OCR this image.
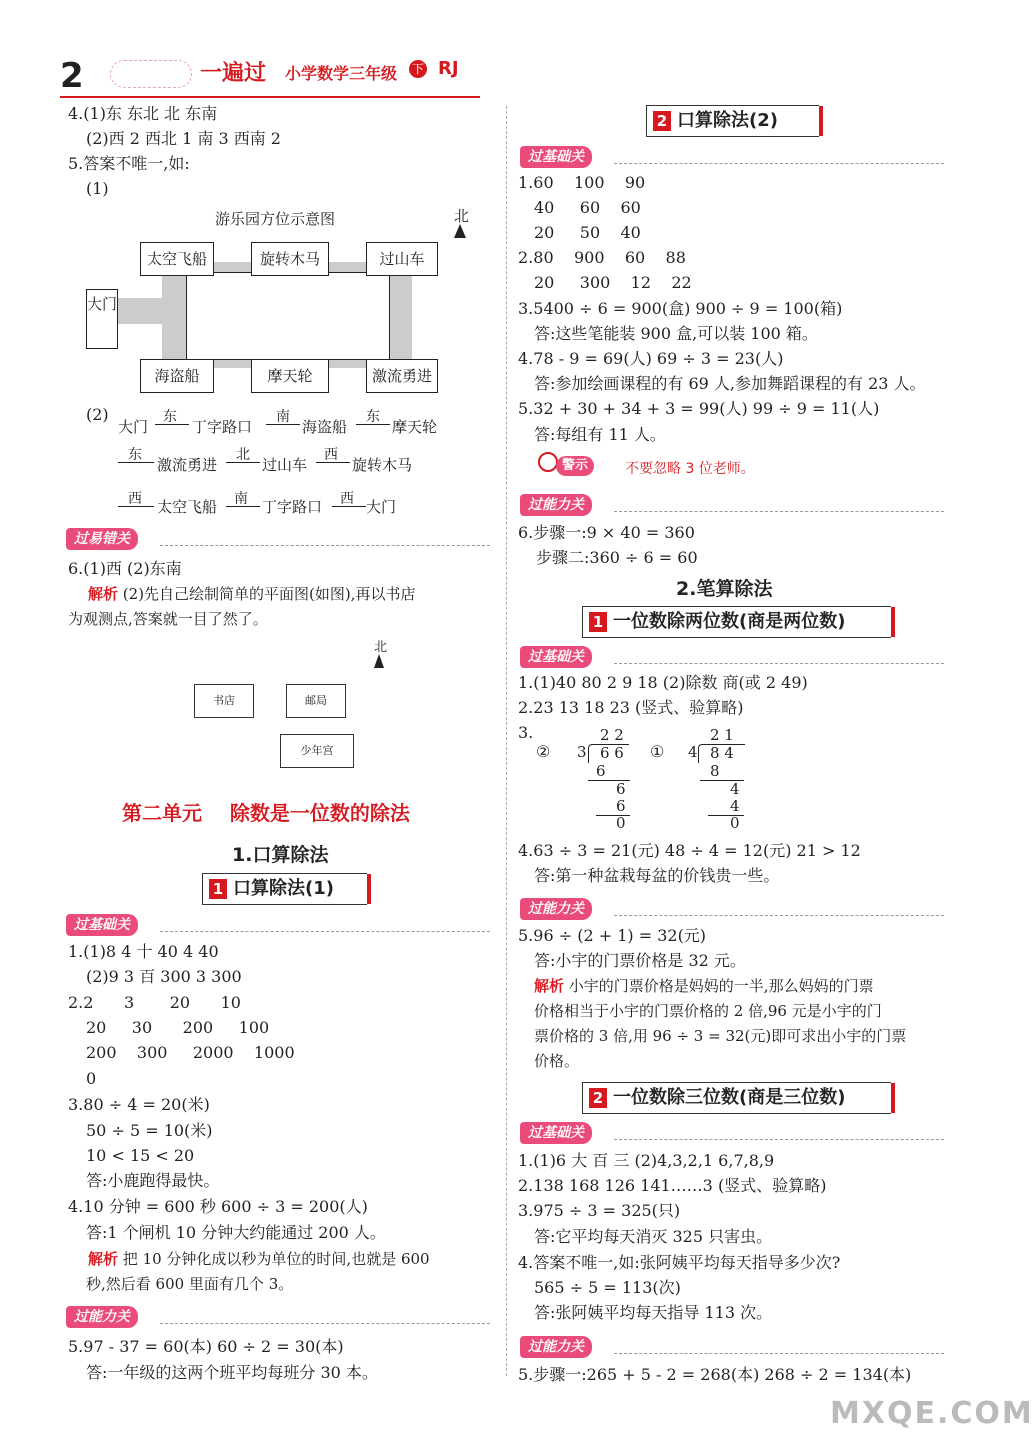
2	一遍过 小学数学三年级 下 RJ
4.(1)东 东北 北 东南
(2)西 2 西北 1 南 3 西南 2
5.答案不唯一,如:
(1)
游乐园方位示意图	北
太空飞船	旋转木马	过山车
大门
海盗船	摩天轮	激流勇进
(2)
大门
东
丁字路口
南
海盗船
东
摩天轮
东
激流勇进
北
过山车
西
旋转木马
西 太空飞船 南 丁字路口 西 大门
过易错关
6.(1)西 (2)东南
解析 (2)先自己绘制简单的平面图(如图),再以书店
为观测点,答案就一目了然了。
北
书店	邮局
少年宫
第二单元    除数是一位数的除法
1.口算除法
1 口算除法(1)
过基础关
1.(1)8 4 十 40 4 40
(2)9 3 百 300 3 300
2.2      3       20      10
20     30      200     100
200    300     2000    1000
0
3.80 ÷ 4 = 20(米)
50 ÷ 5 = 10(米)
10 < 15 < 20
答:小鹿跑得最快。
4.10 分钟 = 600 秒 600 ÷ 3 = 200(人)
答:1 个闸机 10 分钟大约能通过 200 人。
解析 把 10 分钟化成以秒为单位的时间,也就是 600
秒,然后看 600 里面有几个 3。
过能力关
5.97 - 37 = 60(本) 60 ÷ 2 = 30(本)
答:一年级的这两个班平均每班分 30 本。
2 口算除法(2)
过基础关
1.60    100    90
40     60    60
20     50    40
2.80    900    60    88
20     300    12    22
3.5400 ÷ 6 = 900(盒) 900 ÷ 9 = 100(箱)
答:这些笔能装 900 盒,可以装 100 箱。
4.78 - 9 = 69(人) 69 ÷ 3 = 23(人)
答:参加绘画课程的有 69 人,参加舞蹈课程的有 23 人。
5.32 + 30 + 34 + 3 = 99(人) 99 ÷ 9 = 11(人)
答:每组有 11 人。
警示	不要忽略 3 位老师。
过能力关
6.步骤一:9 × 40 = 360
步骤二:360 ÷ 6 = 60
2.笔算除法
1 一位数除两位数(商是两位数)
过基础关
1.(1)40 80 2 9 18 (2)除数 商(或 2 49)
2.23 13 18 23 (竖式、验算略)
3.
②
2 2
3 6 6
6
6
6
0
①
2 1
4 8 4
8
4
4
0
4.63 ÷ 3 = 21(元) 48 ÷ 4 = 12(元) 21 > 12
答:第一种盆栽每盆的价钱贵一些。
过能力关
5.96 ÷ (2 + 1) = 32(元)
答:小宇的门票价格是 32 元。
解析 小宇的门票价格是妈妈的一半,那么妈妈的门票
价格相当于小宇的门票价格的 2 倍,96 元是小宇的门
票价格的 3 倍,用 96 ÷ 3 = 32(元)即可求出小宇的门票
价格。
2 一位数除三位数(商是三位数)
过基础关
1.(1)6 大 百 三 (2)4,3,2,1 6,7,8,9
2.138 168 126 141……3 (竖式、验算略)
3.975 ÷ 3 = 325(只)
答:它平均每天消灭 325 只害虫。
4.答案不唯一,如:张阿姨平均每天指导多少次?
565 ÷ 5 = 113(次)
答:张阿姨平均每天指导 113 次。
过能力关
5.步骤一:265 + 5 - 2 = 268(本) 268 ÷ 2 = 134(本)
MXQE.COM
